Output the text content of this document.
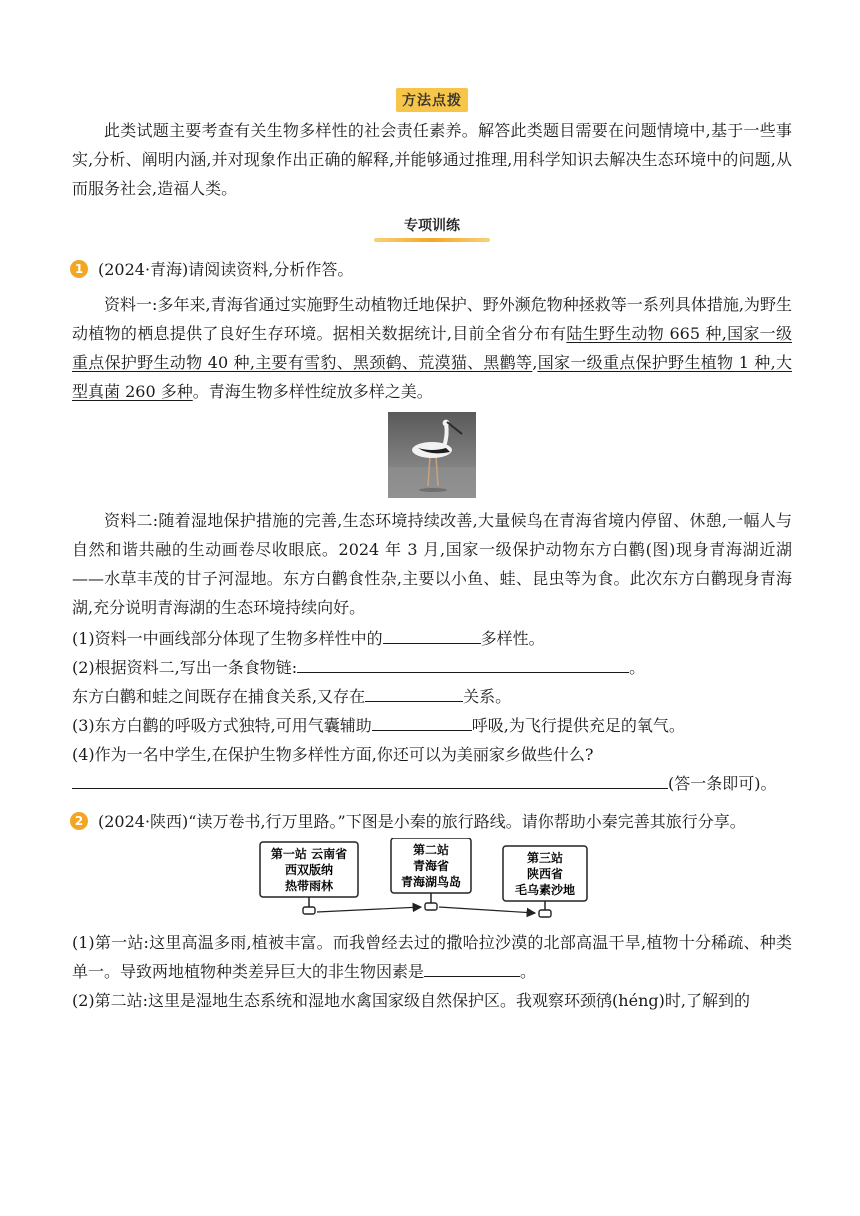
方法点拨

此类试题主要考查有关生物多样性的社会责任素养。解答此类题目需要在问题情境中,基于一些事实,分析、阐明内涵,并对现象作出正确的解释,并能够通过推理,用科学知识去解决生态环境中的问题,从而服务社会,造福人类。

专项训练
1 (2024·青海)请阅读资料,分析作答。

资料一:多年来,青海省通过实施野生动植物迁地保护、野外濒危物种拯救等一系列具体措施,为野生动植物的栖息提供了良好生存环境。据相关数据统计,目前全省分布有陆生野生动物 665 种,国家一级重点保护野生动物 40 种,主要有雪豹、黑颈鹤、荒漠猫、黑鹳等,国家一级重点保护野生植物 1 种,大型真菌 260 多种。青海生物多样性绽放多样之美。

资料二:随着湿地保护措施的完善,生态环境持续改善,大量候鸟在青海省境内停留、休憩,一幅人与自然和谐共融的生动画卷尽收眼底。2024 年 3 月,国家一级保护动物东方白鹳(图)现身青海湖近湖——水草丰茂的甘子河湿地。东方白鹳食性杂,主要以小鱼、蛙、昆虫等为食。此次东方白鹳现身青海湖,充分说明青海湖的生态环境持续向好。

(1)资料一中画线部分体现了生物多样性中的	多样性。

(2)根据资料二,写出一条食物链:	。

东方白鹳和蛙之间既存在捕食关系,又存在	关系。

(3)东方白鹳的呼吸方式独特,可用气囊辅助	呼吸,为飞行提供充足的氧气。

(4)作为一名中学生,在保护生物多样性方面,你还可以为美丽家乡做些什么?

(答一条即可)。

2 (2024·陕西)“读万卷书,行万里路。”下图是小秦的旅行路线。请你帮助小秦完善其旅行分享。
第一站 云南省
西双版纳
热带雨林
第二站
青海省
青海湖鸟岛
第三站
陕西省
毛乌素沙地

(1)第一站:这里高温多雨,植被丰富。而我曾经去过的撒哈拉沙漠的北部高温干旱,植物十分稀疏、种类单一。导致两地植物种类差异巨大的非生物因素是	。

(2)第二站:这里是湿地生态系统和湿地水禽国家级自然保护区。我观察环颈鸻(héng)时,了解到的
